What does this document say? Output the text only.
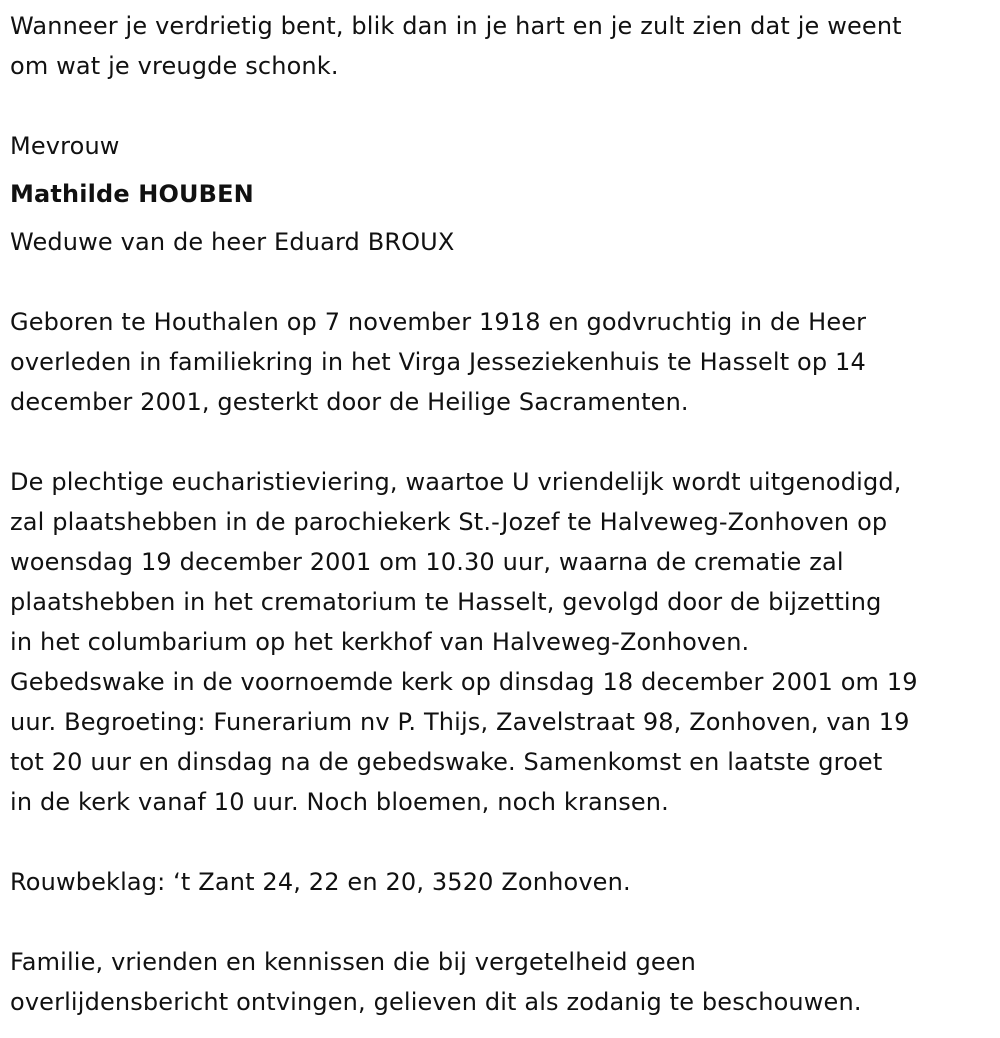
Wanneer je verdrietig bent, blik dan in je hart en je zult zien dat je weent
om wat je vreugde schonk.
Mevrouw
Mathilde HOUBEN
Weduwe van de heer Eduard BROUX
Geboren te Houthalen op 7 november 1918 en godvruchtig in de Heer
overleden in familiekring in het Virga Jesseziekenhuis te Hasselt op 14
december 2001, gesterkt door de Heilige Sacramenten.
De plechtige eucharistieviering, waartoe U vriendelijk wordt uitgenodigd,
zal plaatshebben in de parochiekerk St.-Jozef te Halveweg-Zonhoven op
woensdag 19 december 2001 om 10.30 uur, waarna de crematie zal
plaatshebben in het crematorium te Hasselt, gevolgd door de bijzetting
in het columbarium op het kerkhof van Halveweg-Zonhoven.
Gebedswake in de voornoemde kerk op dinsdag 18 december 2001 om 19
uur. Begroeting: Funerarium nv P. Thijs, Zavelstraat 98, Zonhoven, van 19
tot 20 uur en dinsdag na de gebedswake. Samenkomst en laatste groet
in de kerk vanaf 10 uur. Noch bloemen, noch kransen.
Rouwbeklag: ‘t Zant 24, 22 en 20, 3520 Zonhoven.
Familie, vrienden en kennissen die bij vergetelheid geen
overlijdensbericht ontvingen, gelieven dit als zodanig te beschouwen.
